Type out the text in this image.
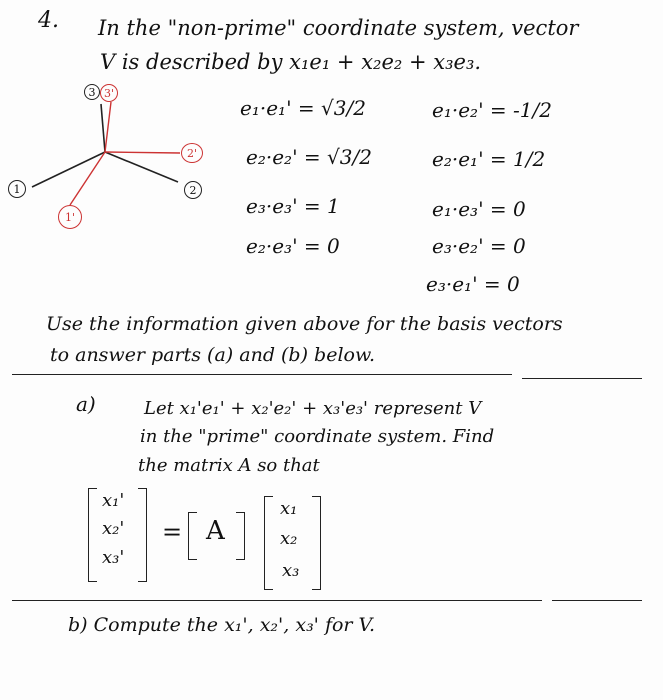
4. In the "non-prime" coordinate system, vector
V is described by x₁e₁ + x₂e₂ + x₃e₃.
3 3'
2'
1	2
1'
e₁·e₁' = √3/2
e₂·e₂' = √3/2
e₃·e₃' = 1
e₂·e₃' = 0
e₁·e₂' = -1/2
e₂·e₁' = 1/2
e₁·e₃' = 0
e₃·e₂' = 0
e₃·e₁' = 0
Use the information given above for the basis vectors
to answer parts (a) and (b) below.
a)	Let x₁'e₁' + x₂'e₂' + x₃'e₃' represent V
in the "prime" coordinate system. Find
the matrix A so that
x₁'
x₂'
x₃'
= A
x₁
x₂
x₃
b) Compute the x₁', x₂', x₃' for V.
